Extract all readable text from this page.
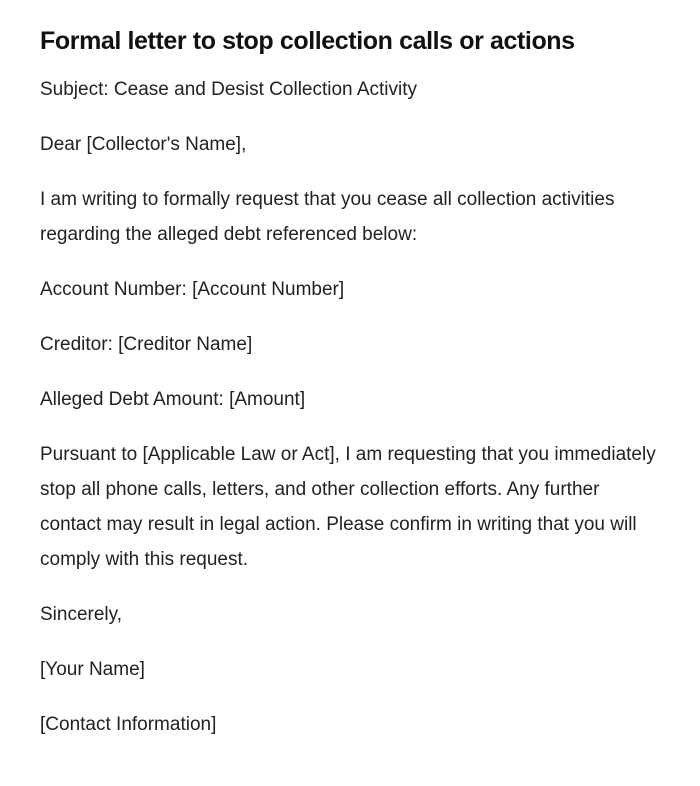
Formal letter to stop collection calls or actions

Subject: Cease and Desist Collection Activity

Dear [Collector's Name],

I am writing to formally request that you cease all collection activities regarding the alleged debt referenced below:

Account Number: [Account Number]

Creditor: [Creditor Name]

Alleged Debt Amount: [Amount]

Pursuant to [Applicable Law or Act], I am requesting that you immediately stop all phone calls, letters, and other collection efforts. Any further contact may result in legal action. Please confirm in writing that you will comply with this request.

Sincerely,

[Your Name]

[Contact Information]
